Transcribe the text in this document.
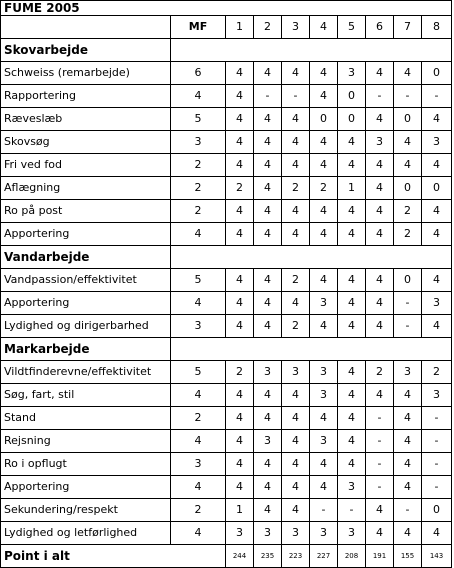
FUME 2005									
	MF	1	2	3	4	5	6	7	8
Skovarbejde									
Schweiss (remarbejde)	6	4	4	4	4	3	4	4	0
Rapportering	4	4	-	-	4	0	-	-	-
Ræveslæb	5	4	4	4	0	0	4	0	4
Skovsøg	3	4	4	4	4	4	3	4	3
Fri ved fod	2	4	4	4	4	4	4	4	4
Aflægning	2	2	4	2	2	1	4	0	0
Ro på post	2	4	4	4	4	4	4	2	4
Apportering	4	4	4	4	4	4	4	2	4
Vandarbejde									
Vandpassion/effektivitet	5	4	4	2	4	4	4	0	4
Apportering	4	4	4	4	3	4	4	-	3
Lydighed og dirigerbarhed	3	4	4	2	4	4	4	-	4
Markarbejde									
Vildtfinderevne/effektivitet	5	2	3	3	3	4	2	3	2
Søg, fart, stil	4	4	4	4	3	4	4	4	3
Stand	2	4	4	4	4	4	-	4	-
Rejsning	4	4	3	4	3	4	-	4	-
Ro i opflugt	3	4	4	4	4	4	-	4	-
Apportering	4	4	4	4	4	3	-	4	-
Sekundering/respekt	2	1	4	4	-	-	4	-	0
Lydighed og letførlighed	4	3	3	3	3	3	4	4	4
Point i alt		244	235	223	227	208	191	155	143
